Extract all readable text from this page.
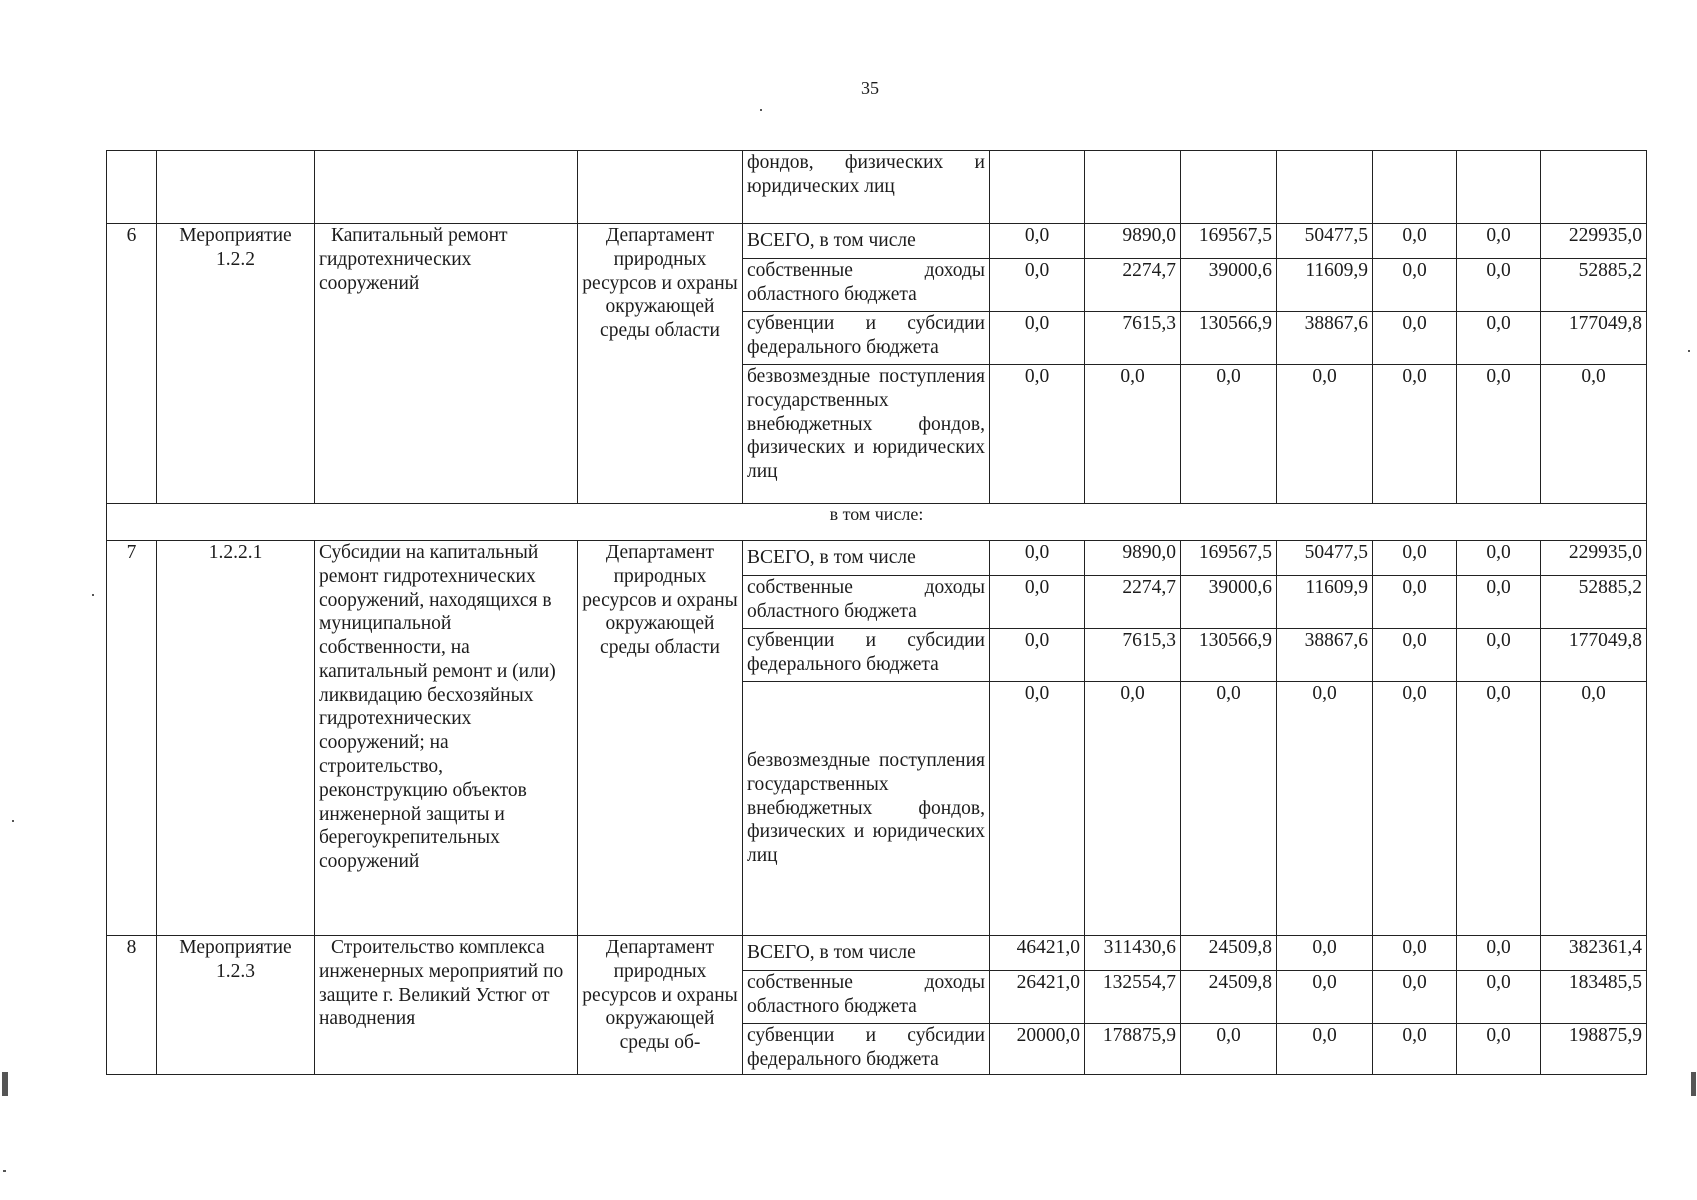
35
				фондов, физических и юридических лиц							
6	Мероприятие 1.2.2	Капитальный ремонт гидротехнических сооружений	Департамент природных ресурсов и охраны окружающей среды области	ВСЕГО, в том числе	0,0	9890,0	169567,5	50477,5	0,0	0,0	229935,0
				собственные доходы областного бюджета	0,0	2274,7	39000,6	11609,9	0,0	0,0	52885,2
				субвенции и субсидии федерального бюджета	0,0	7615,3	130566,9	38867,6	0,0	0,0	177049,8
				безвозмездные поступления государственных внебюджетных фондов, физических и юридических лиц	0,0	0,0	0,0	0,0	0,0	0,0	0,0
в том числе:											
7	1.2.2.1	Субсидии на капитальный ремонт гидротехнических сооружений, находящихся в муниципальной собственности, на капитальный ремонт и (или) ликвидацию бесхозяйных гидротехнических сооружений; на строительство, реконструкцию объектов инженерной защиты и берегоукрепительных сооружений	Департамент природных ресурсов и охраны окружающей среды области	ВСЕГО, в том числе	0,0	9890,0	169567,5	50477,5	0,0	0,0	229935,0
				собственные доходы областного бюджета	0,0	2274,7	39000,6	11609,9	0,0	0,0	52885,2
				субвенции и субсидии федерального бюджета	0,0	7615,3	130566,9	38867,6	0,0	0,0	177049,8
				безвозмездные поступления государственных внебюджетных фондов, физических и юридических лиц	0,0	0,0	0,0	0,0	0,0	0,0	0,0
8	Мероприятие 1.2.3	Строительство комплекса инженерных мероприятий по защите г. Великий Устюг от наводнения	Департамент природных ресурсов и охраны окружающей среды об-	ВСЕГО, в том числе	46421,0	311430,6	24509,8	0,0	0,0	0,0	382361,4
				собственные доходы областного бюджета	26421,0	132554,7	24509,8	0,0	0,0	0,0	183485,5
				субвенции и субсидии федерального бюджета	20000,0	178875,9	0,0	0,0	0,0	0,0	198875,9
